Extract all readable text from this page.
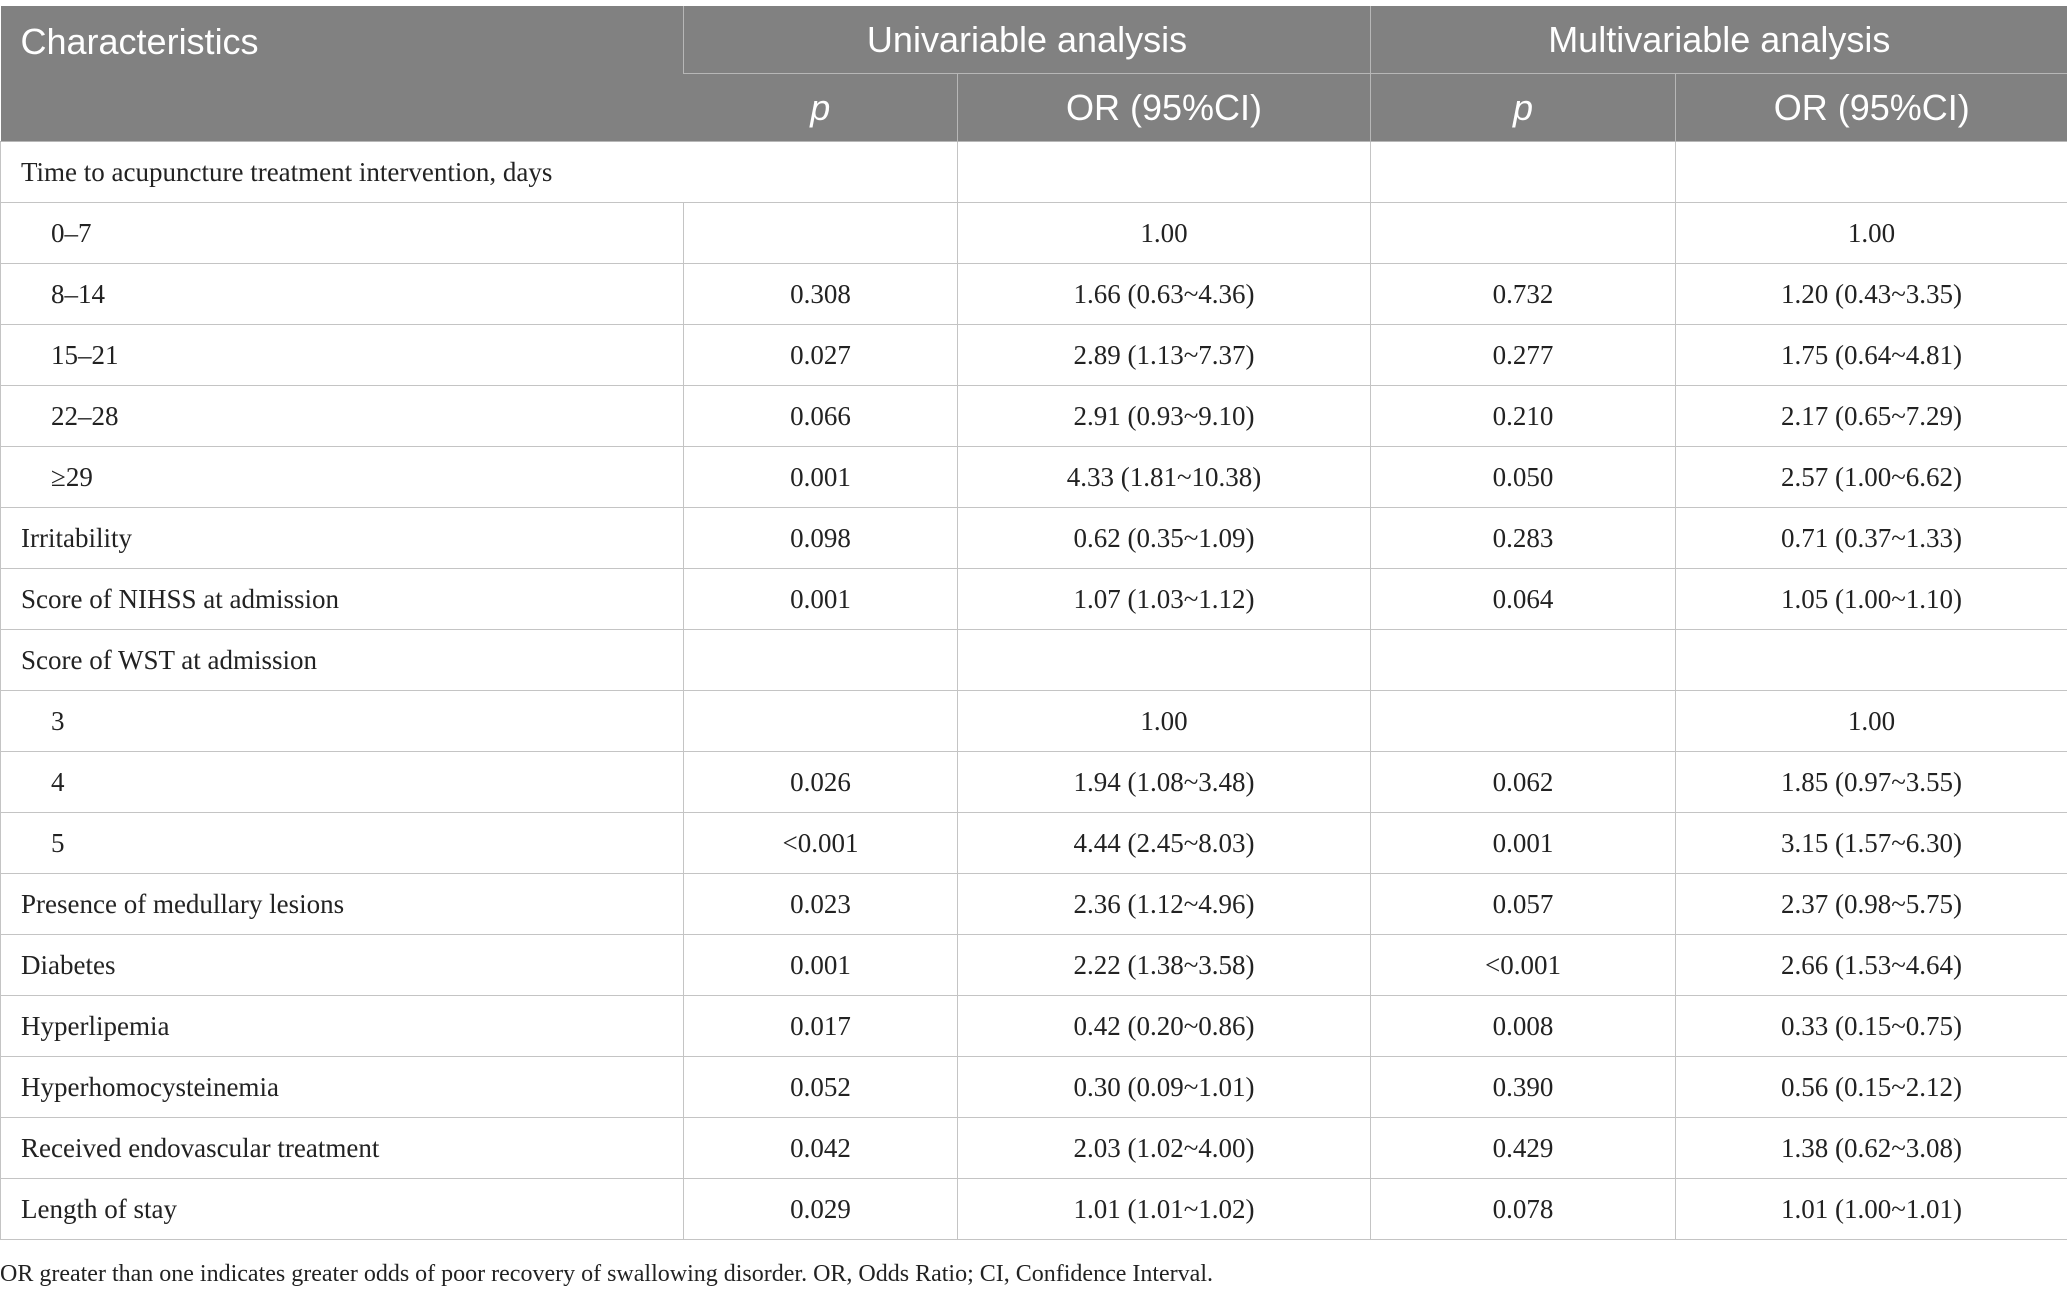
Characteristics	Univariable analysis		Multivariable analysis	
	p	OR (95%CI)	p	OR (95%CI)
Time to acupuncture treatment intervention, days				
0–7		1.00		1.00
8–14	0.308	1.66 (0.63~4.36)	0.732	1.20 (0.43~3.35)
15–21	0.027	2.89 (1.13~7.37)	0.277	1.75 (0.64~4.81)
22–28	0.066	2.91 (0.93~9.10)	0.210	2.17 (0.65~7.29)
≥29	0.001	4.33 (1.81~10.38)	0.050	2.57 (1.00~6.62)
Irritability	0.098	0.62 (0.35~1.09)	0.283	0.71 (0.37~1.33)
Score of NIHSS at admission	0.001	1.07 (1.03~1.12)	0.064	1.05 (1.00~1.10)
Score of WST at admission				
3		1.00		1.00
4	0.026	1.94 (1.08~3.48)	0.062	1.85 (0.97~3.55)
5	<0.001	4.44 (2.45~8.03)	0.001	3.15 (1.57~6.30)
Presence of medullary lesions	0.023	2.36 (1.12~4.96)	0.057	2.37 (0.98~5.75)
Diabetes	0.001	2.22 (1.38~3.58)	<0.001	2.66 (1.53~4.64)
Hyperlipemia	0.017	0.42 (0.20~0.86)	0.008	0.33 (0.15~0.75)
Hyperhomocysteinemia	0.052	0.30 (0.09~1.01)	0.390	0.56 (0.15~2.12)
Received endovascular treatment	0.042	2.03 (1.02~4.00)	0.429	1.38 (0.62~3.08)
Length of stay	0.029	1.01 (1.01~1.02)	0.078	1.01 (1.00~1.01)
OR greater than one indicates greater odds of poor recovery of swallowing disorder. OR, Odds Ratio; CI, Confidence Interval.
